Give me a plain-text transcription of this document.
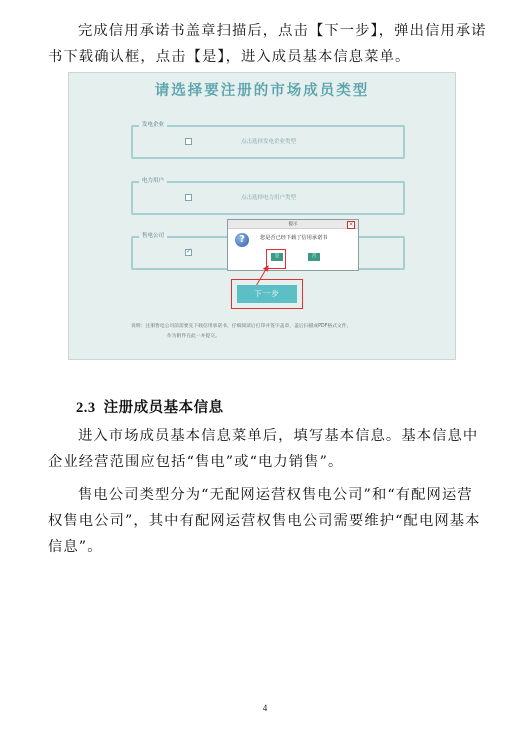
完成信用承诺书盖章扫描后，点击【下一步】，弹出信用承诺书下载确认框，点击【是】，进入成员基本信息菜单。

请选择要注册的市场成员类型
发电企业
点击选择发电企业类型
电力用户
点击选择电力用户类型
售电公司
✓
提示	×
?	您是否已经下载了信用承诺书
是	否
下一步
说明：注册售电公司前需要先下载信用承诺书，仔细阅读后打印并签字盖章，盖后扫描成PDF格式文件，
作为附件在此一并提交。
2.3 注册成员基本信息

进入市场成员基本信息菜单后，填写基本信息。基本信息中企业经营范围应包括“售电”或“电力销售”。

售电公司类型分为“无配网运营权售电公司”和“有配网运营权售电公司”，其中有配网运营权售电公司需要维护“配电网基本信息”。

4
